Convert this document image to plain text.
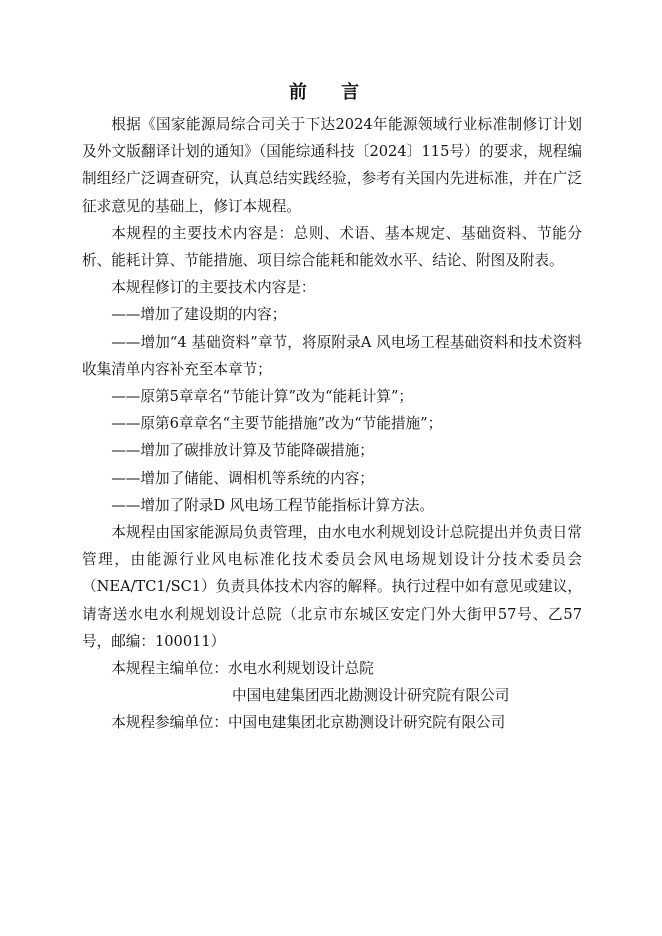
前 言

根据《国家能源局综合司关于下达2024年能源领域行业标准制修订计划及外文版翻译计划的通知》（国能综通科技〔2024〕115号）的要求，规程编制组经广泛调查研究，认真总结实践经验，参考有关国内先进标准，并在广泛征求意见的基础上，修订本规程。

本规程的主要技术内容是：总则、术语、基本规定、基础资料、节能分析、能耗计算、节能措施、项目综合能耗和能效水平、结论、附图及附表。

本规程修订的主要技术内容是：

——增加了建设期的内容；

——增加“4 基础资料”章节，将原附录A 风电场工程基础资料和技术资料收集清单内容补充至本章节；

——原第5章章名“节能计算”改为“能耗计算”；

——原第6章章名“主要节能措施”改为“节能措施”；

——增加了碳排放计算及节能降碳措施；

——增加了储能、调相机等系统的内容；

——增加了附录D 风电场工程节能指标计算方法。

本规程由国家能源局负责管理，由水电水利规划设计总院提出并负责日常管理，由能源行业风电标准化技术委员会风电场规划设计分技术委员会（NEA/TC1/SC1）负责具体技术内容的解释。执行过程中如有意见或建议，请寄送水电水利规划设计总院（北京市东城区安定门外大街甲57号、乙57号，邮编：100011）

本规程主编单位：水电水利规划设计总院

中国电建集团西北勘测设计研究院有限公司

本规程参编单位：中国电建集团北京勘测设计研究院有限公司
